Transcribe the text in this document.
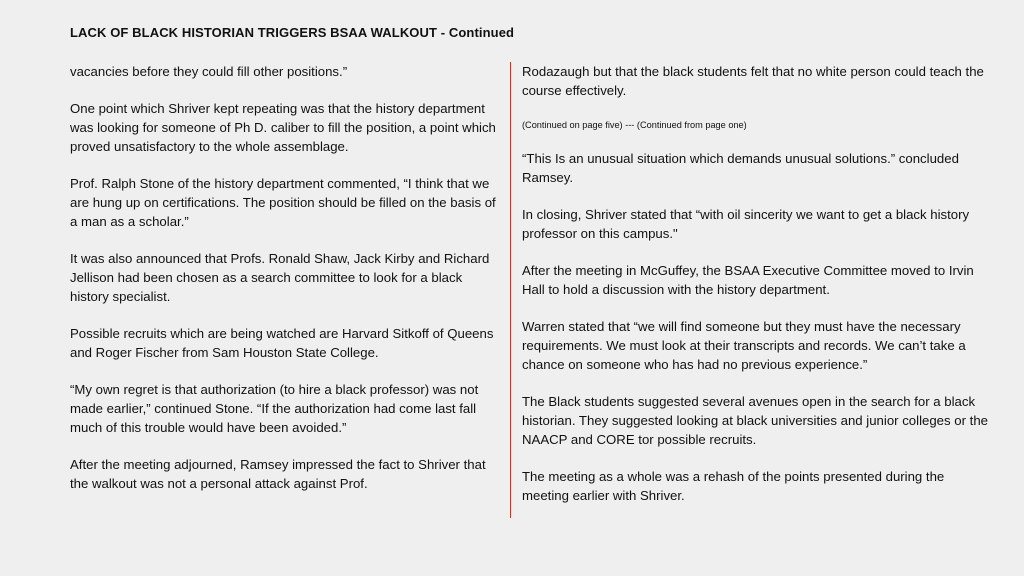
LACK OF BLACK HISTORIAN TRIGGERS BSAA WALKOUT - Continued

vacancies before they could fill other positions.”

One point which Shriver kept repeating was that the history department was looking for someone of Ph D. caliber to fill the position, a point which proved unsatisfactory to the whole assemblage.

Prof. Ralph Stone of the history department commented, “I think that we are hung up on certifications. The position should be filled on the basis of a man as a scholar.”

It was also announced that Profs. Ronald Shaw, Jack Kirby and Richard Jellison had been chosen as a search committee to look for a black history specialist.

Possible recruits which are being watched are Harvard Sitkoff of Queens and Roger Fischer from Sam Houston State College.

“My own regret is that authorization (to hire a black professor) was not made earlier,” continued Stone. “If the authorization had come last fall much of this trouble would have been avoided.”

After the meeting adjourned, Ramsey impressed the fact to Shriver that the walkout was not a personal attack against Prof.

Rodazaugh but that the black students felt that no white person could teach the course effectively.

(Continued on page five) --- (Continued from page one)

“This Is an unusual situation which demands unusual solutions.” concluded Ramsey.

In closing, Shriver stated that “with oil sincerity we want to get a black history professor on this campus."

After the meeting in McGuffey, the BSAA Executive Committee moved to Irvin Hall to hold a discussion with the history department.

Warren stated that “we will find someone but they must have the necessary requirements. We must look at their transcripts and records. We can’t take a chance on someone who has had no previous experience.”

The Black students suggested several avenues open in the search for a black historian. They suggested looking at black universities and junior colleges or the NAACP and CORE tor possible recruits.

The meeting as a whole was a rehash of the points presented during the meeting earlier with Shriver.
